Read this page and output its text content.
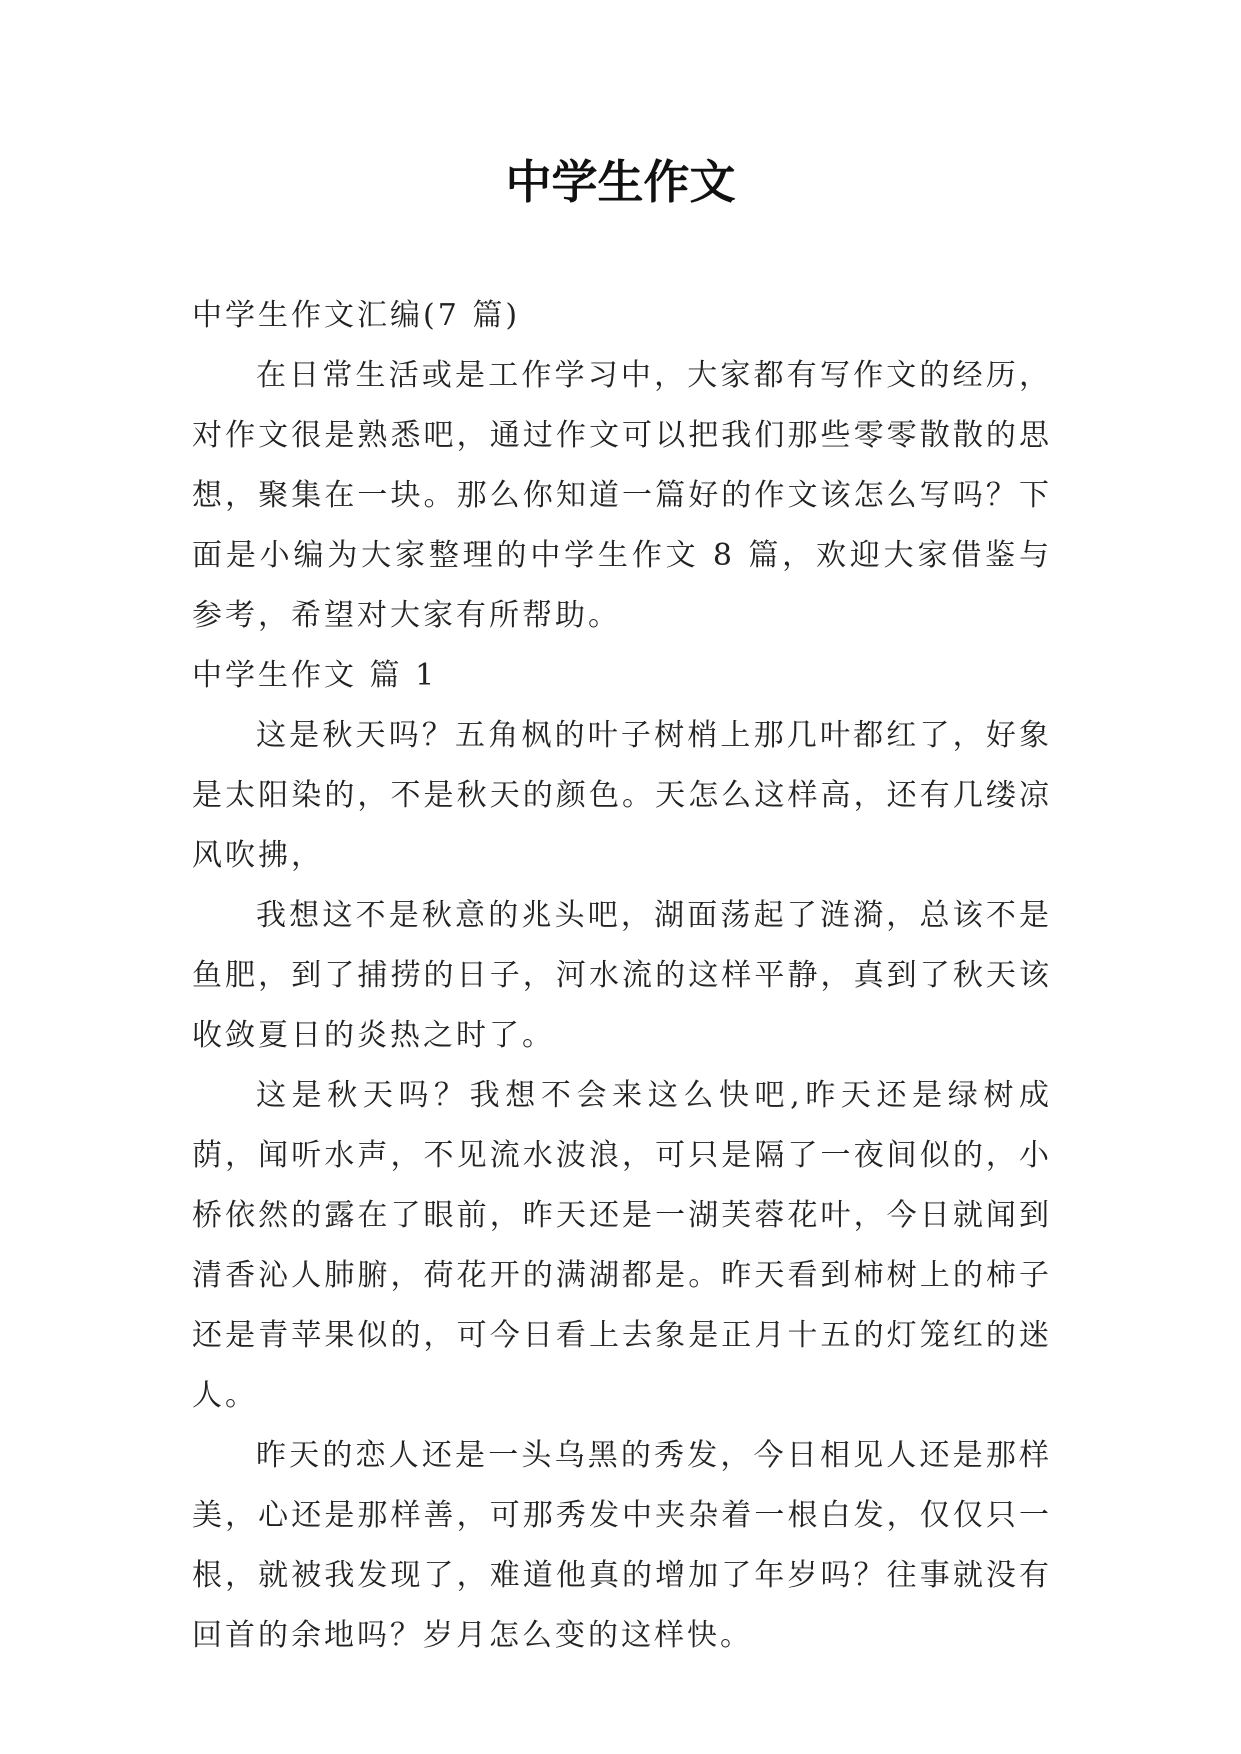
中学生作文

中学生作文汇编(7 篇)

在日常生活或是工作学习中，大家都有写作文的经历，对作文很是熟悉吧，通过作文可以把我们那些零零散散的思想，聚集在一块。那么你知道一篇好的作文该怎么写吗？下面是小编为大家整理的中学生作文 8 篇，欢迎大家借鉴与参考，希望对大家有所帮助。

中学生作文 篇 1

这是秋天吗？五角枫的叶子树梢上那几叶都红了，好象是太阳染的，不是秋天的颜色。天怎么这样高，还有几缕凉风吹拂，

我想这不是秋意的兆头吧，湖面荡起了涟漪，总该不是鱼肥，到了捕捞的日子，河水流的这样平静，真到了秋天该收敛夏日的炎热之时了。

这是秋天吗？我想不会来这么快吧,昨天还是绿树成荫，闻听水声，不见流水波浪，可只是隔了一夜间似的，小桥依然的露在了眼前，昨天还是一湖芙蓉花叶，今日就闻到清香沁人肺腑，荷花开的满湖都是。昨天看到柿树上的柿子还是青苹果似的，可今日看上去象是正月十五的灯笼红的迷人。

昨天的恋人还是一头乌黑的秀发，今日相见人还是那样美，心还是那样善，可那秀发中夹杂着一根白发，仅仅只一根，就被我发现了，难道他真的增加了年岁吗？往事就没有回首的余地吗？岁月怎么变的这样快。
